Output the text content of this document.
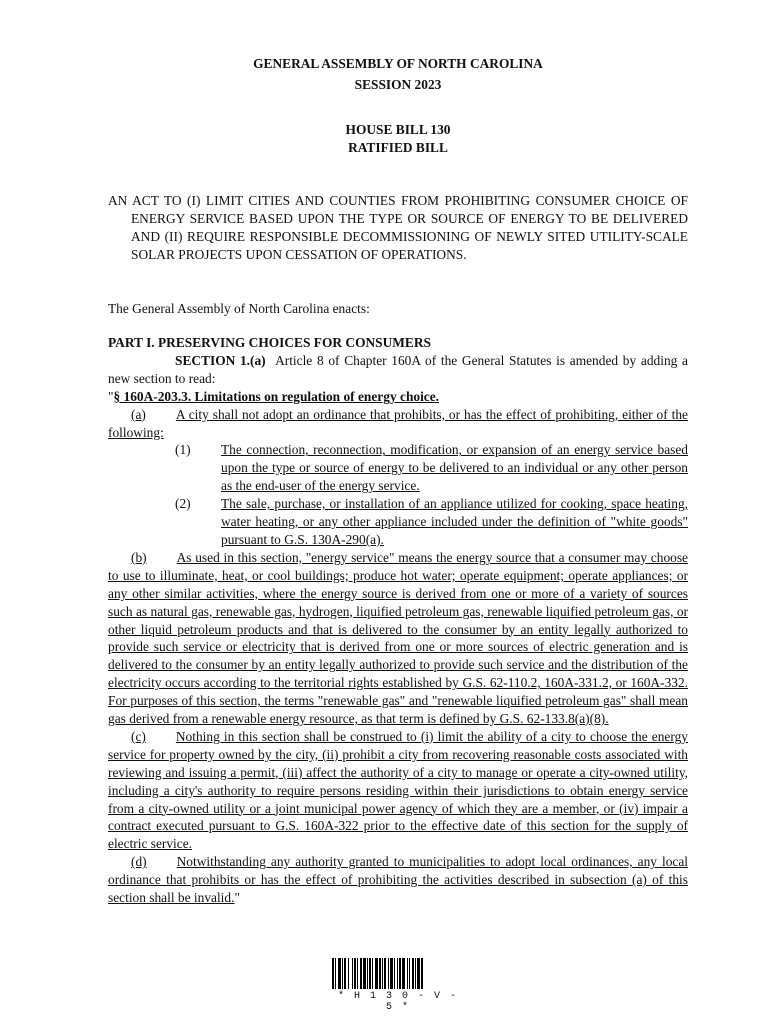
GENERAL ASSEMBLY OF NORTH CAROLINA
SESSION 2023
HOUSE BILL 130
RATIFIED BILL

AN ACT TO (I) LIMIT CITIES AND COUNTIES FROM PROHIBITING CONSUMER CHOICE OF ENERGY SERVICE BASED UPON THE TYPE OR SOURCE OF ENERGY TO BE DELIVERED AND (II) REQUIRE RESPONSIBLE DECOMMISSIONING OF NEWLY SITED UTILITY-SCALE SOLAR PROJECTS UPON CESSATION OF OPERATIONS.

The General Assembly of North Carolina enacts:

PART I. PRESERVING CHOICES FOR CONSUMERS

SECTION 1.(a) Article 8 of Chapter 160A of the General Statutes is amended by adding a new section to read:

"§ 160A-203.3. Limitations on regulation of energy choice.

(a) A city shall not adopt an ordinance that prohibits, or has the effect of prohibiting, either of the following:

(1) The connection, reconnection, modification, or expansion of an energy service based upon the type or source of energy to be delivered to an individual or any other person as the end-user of the energy service.

(2) The sale, purchase, or installation of an appliance utilized for cooking, space heating, water heating, or any other appliance included under the definition of "white goods" pursuant to G.S. 130A-290(a).

(b) As used in this section, "energy service" means the energy source that a consumer may choose to use to illuminate, heat, or cool buildings; produce hot water; operate equipment; operate appliances; or any other similar activities, where the energy source is derived from one or more of a variety of sources such as natural gas, renewable gas, hydrogen, liquified petroleum gas, renewable liquified petroleum gas, or other liquid petroleum products and that is delivered to the consumer by an entity legally authorized to provide such service or electricity that is derived from one or more sources of electric generation and is delivered to the consumer by an entity legally authorized to provide such service and the distribution of the electricity occurs according to the territorial rights established by G.S. 62-110.2, 160A-331.2, or 160A-332. For purposes of this section, the terms "renewable gas" and "renewable liquified petroleum gas" shall mean gas derived from a renewable energy resource, as that term is defined by G.S. 62-133.8(a)(8).

(c) Nothing in this section shall be construed to (i) limit the ability of a city to choose the energy service for property owned by the city, (ii) prohibit a city from recovering reasonable costs associated with reviewing and issuing a permit, (iii) affect the authority of a city to manage or operate a city-owned utility, including a city's authority to require persons residing within their jurisdictions to obtain energy service from a city-owned utility or a joint municipal power agency of which they are a member, or (iv) impair a contract executed pursuant to G.S. 160A-322 prior to the effective date of this section for the supply of electric service.

(d) Notwithstanding any authority granted to municipalities to adopt local ordinances, any local ordinance that prohibits or has the effect of prohibiting the activities described in subsection (a) of this section shall be invalid."

* H 1 3 0 - V - 5 *
